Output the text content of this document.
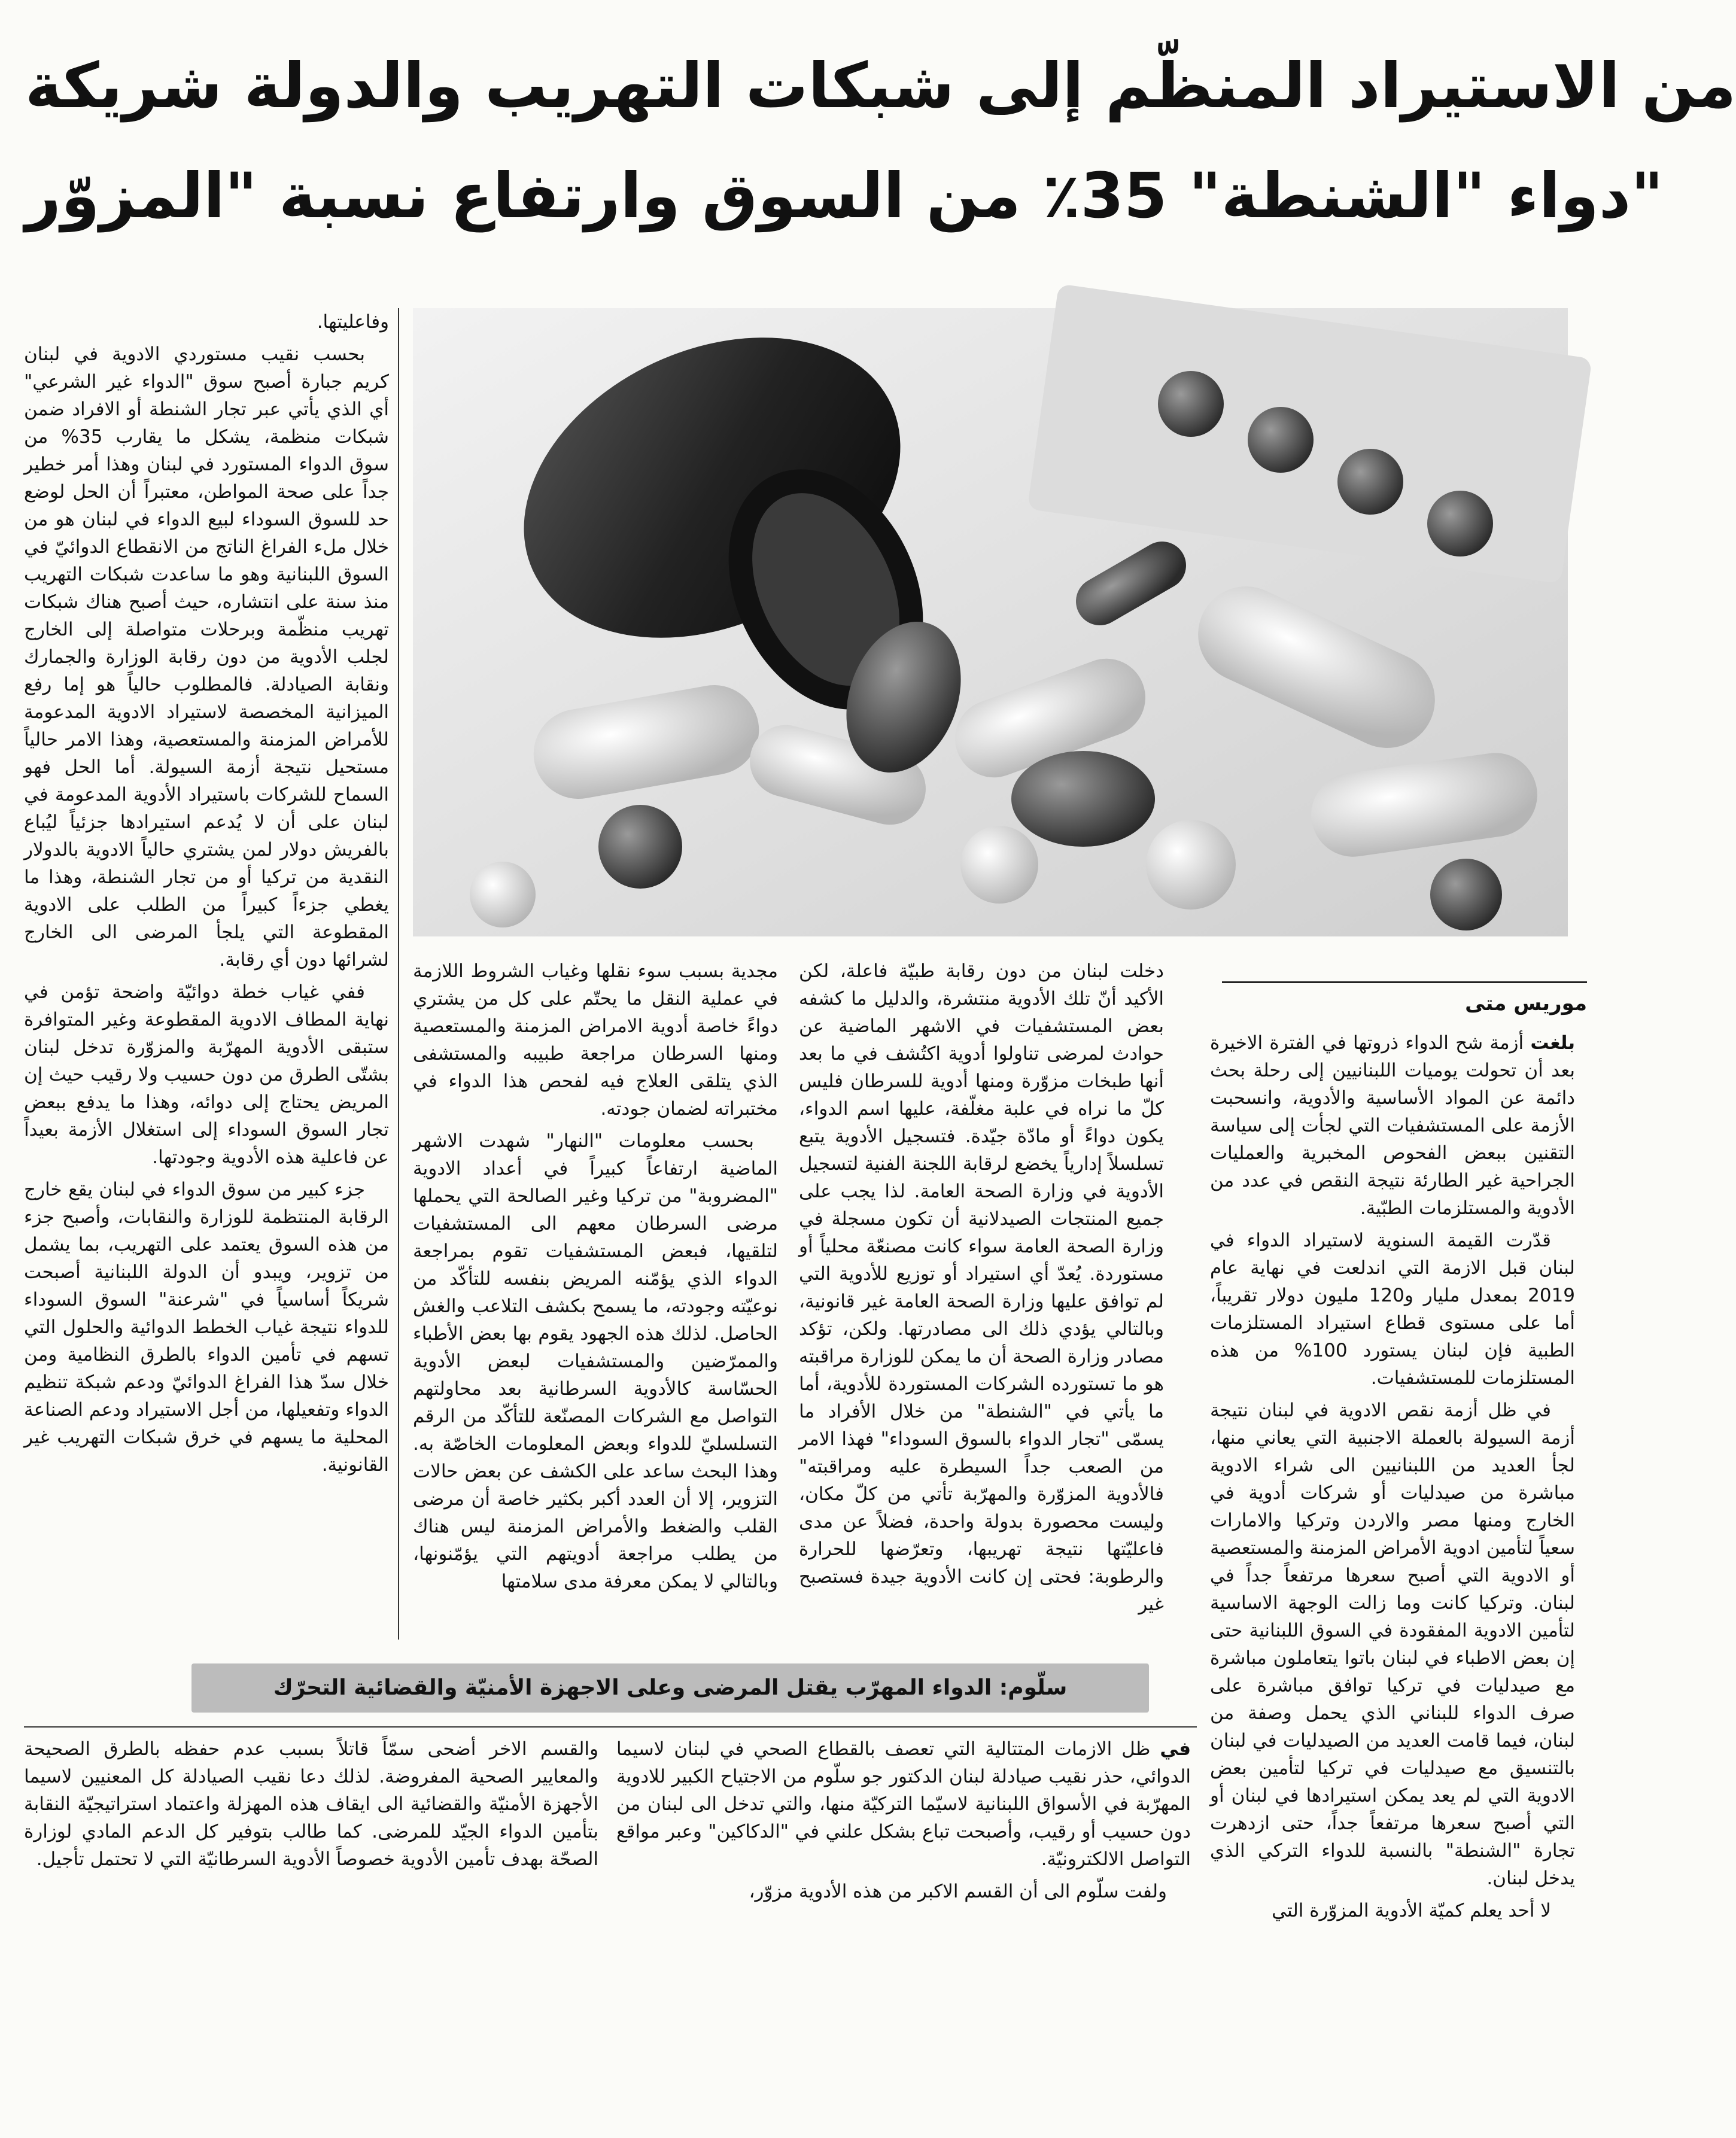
من الاستيراد المنظّم إلى شبكات التهريب والدولة شريكة
دواء "الشنطة" 35٪ من السوق وارتفاع نسبة "المزوّر"

وفاعليتها.

بحسب نقيب مستوردي الادوية في لبنان كريم جبارة أصبح سوق "الدواء غير الشرعي" أي الذي يأتي عبر تجار الشنطة أو الافراد ضمن شبكات منظمة، يشكل ما يقارب 35% من سوق الدواء المستورد في لبنان وهذا أمر خطير جداً على صحة المواطن، معتبراً أن الحل لوضع حد للسوق السوداء لبيع الدواء في لبنان هو من خلال ملء الفراغ الناتج من الانقطاع الدوائيّ في السوق اللبنانية وهو ما ساعدت شبكات التهريب منذ سنة على انتشاره، حيث أصبح هناك شبكات تهريب منظّمة وبرحلات متواصلة إلى الخارج لجلب الأدوية من دون رقابة الوزارة والجمارك ونقابة الصيادلة. فالمطلوب حالياً هو إما رفع الميزانية المخصصة لاستيراد الادوية المدعومة للأمراض المزمنة والمستعصية، وهذا الامر حالياً مستحيل نتيجة أزمة السيولة. أما الحل فهو السماح للشركات باستيراد الأدوية المدعومة في لبنان على أن لا يُدعم استيرادها جزئياً ليُباع بالفريش دولار لمن يشتري حالياً الادوية بالدولار النقدية من تركيا أو من تجار الشنطة، وهذا ما يغطي جزءاً كبيراً من الطلب على الادوية المقطوعة التي يلجأ المرضى الى الخارج لشرائها دون أي رقابة.

ففي غياب خطة دوائيّة واضحة تؤمن في نهاية المطاف الادوية المقطوعة وغير المتوافرة ستبقى الأدوية المهرّبة والمزوّرة تدخل لبنان بشتّى الطرق من دون حسيب ولا رقيب حيث إن المريض يحتاج إلى دوائه، وهذا ما يدفع ببعض تجار السوق السوداء إلى استغلال الأزمة بعيداً عن فاعلية هذه الأدوية وجودتها.

جزء كبير من سوق الدواء في لبنان يقع خارج الرقابة المنتظمة للوزارة والنقابات، وأصبح جزء من هذه السوق يعتمد على التهريب، بما يشمل من تزوير، ويبدو أن الدولة اللبنانية أصبحت شريكاً أساسياً في "شرعنة" السوق السوداء للدواء نتيجة غياب الخطط الدوائية والحلول التي تسهم في تأمين الدواء بالطرق النظامية ومن خلال سدّ هذا الفراغ الدوائيّ ودعم شبكة تنظيم الدواء وتفعيلها، من أجل الاستيراد ودعم الصناعة المحلية ما يسهم في خرق شبكات التهريب غير القانونية.

مجدية بسبب سوء نقلها وغياب الشروط اللازمة في عملية النقل ما يحتّم على كل من يشتري دواءً خاصة أدوية الامراض المزمنة والمستعصية ومنها السرطان مراجعة طبيبه والمستشفى الذي يتلقى العلاج فيه لفحص هذا الدواء في مختبراته لضمان جودته.

بحسب معلومات "النهار" شهدت الاشهر الماضية ارتفاعاً كبيراً في أعداد الادوية "المضروبة" من تركيا وغير الصالحة التي يحملها مرضى السرطان معهم الى المستشفيات لتلقيها، فبعض المستشفيات تقوم بمراجعة الدواء الذي يؤمّنه المريض بنفسه للتأكّد من نوعيّته وجودته، ما يسمح بكشف التلاعب والغش الحاصل. لذلك هذه الجهود يقوم بها بعض الأطباء والممرّضين والمستشفيات لبعض الأدوية الحسّاسة كالأدوية السرطانية بعد محاولتهم التواصل مع الشركات المصنّعة للتأكّد من الرقم التسلسليّ للدواء وبعض المعلومات الخاصّة به. وهذا البحث ساعد على الكشف عن بعض حالات التزوير، إلا أن العدد أكبر بكثير خاصة أن مرضى القلب والضغط والأمراض المزمنة ليس هناك من يطلب مراجعة أدويتهم التي يؤمّنونها، وبالتالي لا يمكن معرفة مدى سلامتها

دخلت لبنان من دون رقابة طبيّة فاعلة، لكن الأكيد أنّ تلك الأدوية منتشرة، والدليل ما كشفه بعض المستشفيات في الاشهر الماضية عن حوادث لمرضى تناولوا أدوية اكتُشف في ما بعد أنها طبخات مزوّرة ومنها أدوية للسرطان فليس كلّ ما نراه في علبة مغلّفة، عليها اسم الدواء، يكون دواءً أو مادّة جيّدة. فتسجيل الأدوية يتبع تسلسلاً إدارياً يخضع لرقابة اللجنة الفنية لتسجيل الأدوية في وزارة الصحة العامة. لذا يجب على جميع المنتجات الصيدلانية أن تكون مسجلة في وزارة الصحة العامة سواء كانت مصنعّة محلياً أو مستوردة. يُعدّ أي استيراد أو توزيع للأدوية التي لم توافق عليها وزارة الصحة العامة غير قانونية، وبالتالي يؤدي ذلك الى مصادرتها. ولكن، تؤكد مصادر وزارة الصحة أن ما يمكن للوزارة مراقبته هو ما تستورده الشركات المستوردة للأدوية، أما ما يأتي في "الشنطة" من خلال الأفراد ما يسمّى "تجار الدواء بالسوق السوداء" فهذا الامر من الصعب جداً السيطرة عليه ومراقبته" فالأدوية المزوّرة والمهرّبة تأتي من كلّ مكان، وليست محصورة بدولة واحدة، فضلاً عن مدى فاعليّتها نتيجة تهريبها، وتعرّضها للحرارة والرطوبة: فحتى إن كانت الأدوية جيدة فستصبح غير

موريس متى

بلغت أزمة شح الدواء ذروتها في الفترة الاخيرة بعد أن تحولت يوميات اللبنانيين إلى رحلة بحث دائمة عن المواد الأساسية والأدوية، وانسحبت الأزمة على المستشفيات التي لجأت إلى سياسة التقنين ببعض الفحوص المخبرية والعمليات الجراحية غير الطارئة نتيجة النقص في عدد من الأدوية والمستلزمات الطبّية.

قدّرت القيمة السنوية لاستيراد الدواء في لبنان قبل الازمة التي اندلعت في نهاية عام 2019 بمعدل مليار و120 مليون دولار تقريباً، أما على مستوى قطاع استيراد المستلزمات الطبية فإن لبنان يستورد 100% من هذه المستلزمات للمستشفيات.

في ظل أزمة نقص الادوية في لبنان نتيجة أزمة السيولة بالعملة الاجنبية التي يعاني منها، لجأ العديد من اللبنانيين الى شراء الادوية مباشرة من صيدليات أو شركات أدوية في الخارج ومنها مصر والاردن وتركيا والامارات سعياً لتأمين ادوية الأمراض المزمنة والمستعصية أو الادوية التي أصبح سعرها مرتفعاً جداً في لبنان. وتركيا كانت وما زالت الوجهة الاساسية لتأمين الادوية المفقودة في السوق اللبنانية حتى إن بعض الاطباء في لبنان باتوا يتعاملون مباشرة مع صيدليات في تركيا توافق مباشرة على صرف الدواء للبناني الذي يحمل وصفة من لبنان، فيما قامت العديد من الصيدليات في لبنان بالتنسيق مع صيدليات في تركيا لتأمين بعض الادوية التي لم يعد يمكن استيرادها في لبنان أو التي أصبح سعرها مرتفعاً جداً، حتى ازدهرت تجارة "الشنطة" بالنسبة للدواء التركي الذي يدخل لبنان.

لا أحد يعلم كميّة الأدوية المزوّرة التي

سلّوم: الدواء المهرّب يقتل المرضى وعلى الاجهزة الأمنيّة والقضائية التحرّك

في ظل الازمات المتتالية التي تعصف بالقطاع الصحي في لبنان لاسيما الدوائي، حذر نقيب صيادلة لبنان الدكتور جو سلّوم من الاجتياح الكبير للادوية المهرّبة في الأسواق اللبنانية لاسيّما التركيّة منها، والتي تدخل الى لبنان من دون حسيب أو رقيب، وأصبحت تباع بشكل علني في "الدكاكين" وعبر مواقع التواصل الالكترونيّة.

ولفت سلّوم الى أن القسم الاكبر من هذه الأدوية مزوّر،

والقسم الاخر أضحى سمّاً قاتلاً بسبب عدم حفظه بالطرق الصحيحة والمعايير الصحية المفروضة. لذلك دعا نقيب الصيادلة كل المعنيين لاسيما الأجهزة الأمنيّة والقضائية الى ايقاف هذه المهزلة واعتماد استراتيجيّة النقابة بتأمين الدواء الجيّد للمرضى. كما طالب بتوفير كل الدعم المادي لوزارة الصحّة بهدف تأمين الأدوية خصوصاً الأدوية السرطانيّة التي لا تحتمل تأجيل.
